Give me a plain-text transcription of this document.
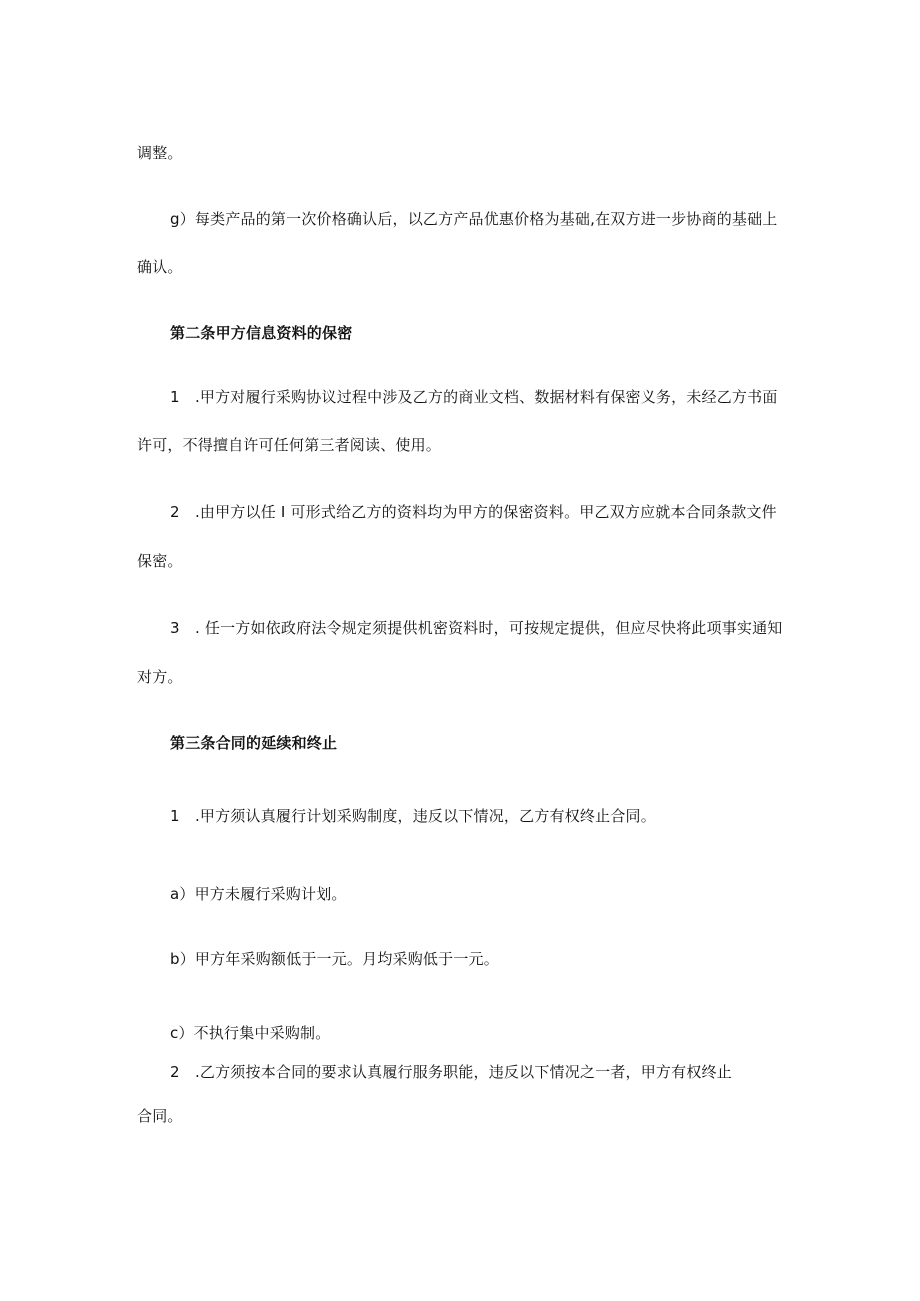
调整。
g）每类产品的第一次价格确认后，以乙方产品优惠价格为基础,在双方进一步协商的基础上
确认。
第二条甲方信息资料的保密
1　.甲方对履行采购协议过程中涉及乙方的商业文档、数据材料有保密义务，未经乙方书面
许可，不得擅自许可任何第三者阅读、使用。
2　.由甲方以任 I 可形式给乙方的资料均为甲方的保密资料。甲乙双方应就本合同条款文件
保密。
3　. 任一方如依政府法令规定须提供机密资料时，可按规定提供，但应尽快将此项事实通知
对方。
第三条合同的延续和终止
1　.甲方须认真履行计划采购制度，违反以下情况，乙方有权终止合同。
a）甲方未履行采购计划。
b）甲方年采购额低于一元。月均采购低于一元。
c）不执行集中采购制。
2　.乙方须按本合同的要求认真履行服务职能，违反以下情况之一者，甲方有权终止
合同。
